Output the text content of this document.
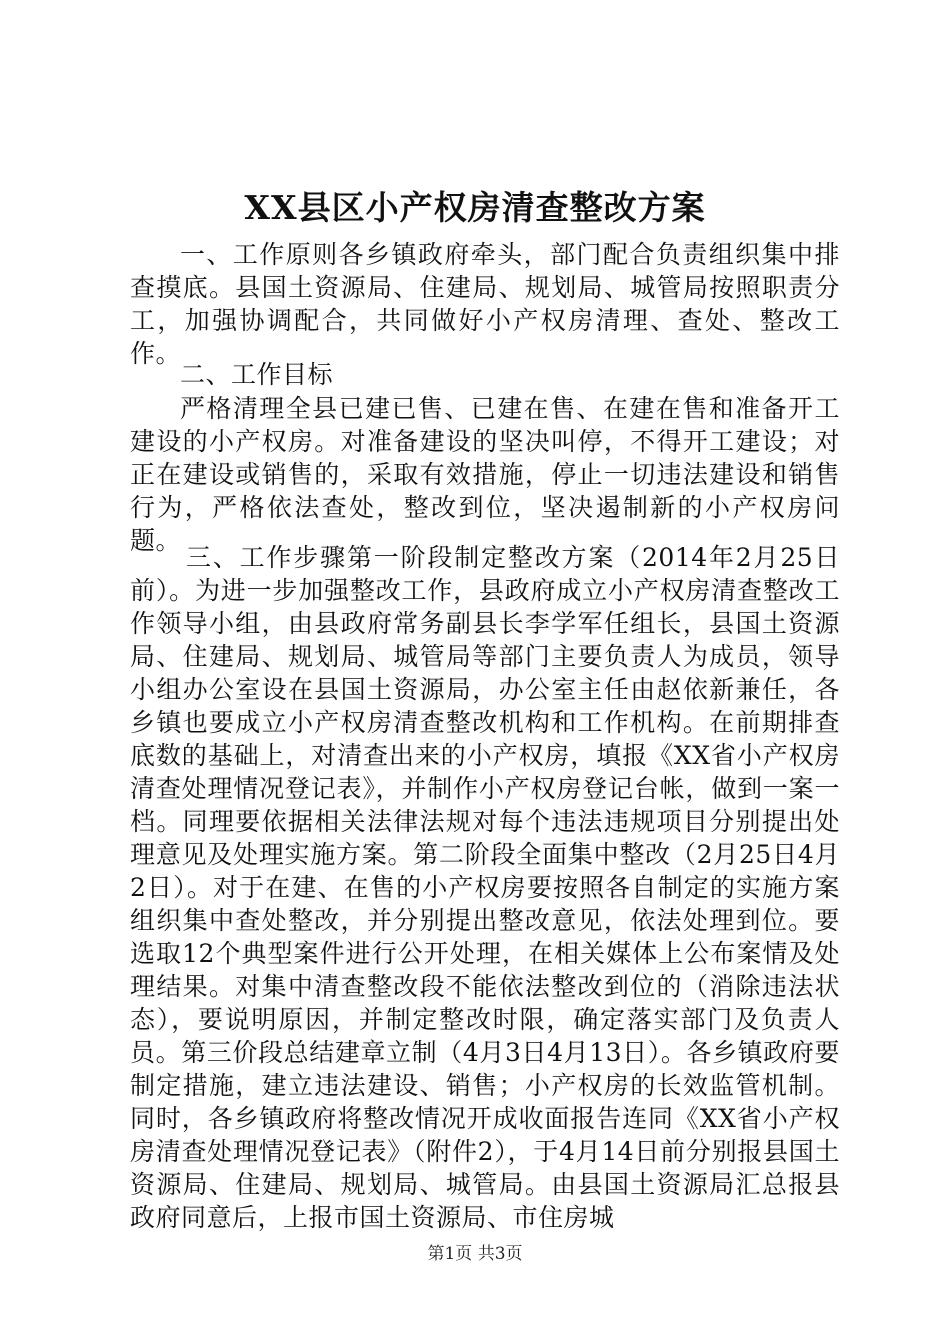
XX县区小产权房清查整改方案

一、工作原则各乡镇政府牵头，部门配合负责组织集中排查摸底。县国土资源局、住建局、规划局、城管局按照职责分工，加强协调配合，共同做好小产权房清理、查处、整改工作。

二、工作目标

严格清理全县已建已售、已建在售、在建在售和准备开工建设的小产权房。对准备建设的坚决叫停，不得开工建设；对正在建设或销售的，采取有效措施，停止一切违法建设和销售行为，严格依法查处，整改到位，坚决遏制新的小产权房问题。

三、工作步骤第一阶段制定整改方案（2014年2月25日前）。为进一步加强整改工作，县政府成立小产权房清查整改工作领导小组，由县政府常务副县长李学军任组长，县国土资源局、住建局、规划局、城管局等部门主要负责人为成员，领导小组办公室设在县国土资源局，办公室主任由赵依新兼任，各乡镇也要成立小产权房清查整改机构和工作机构。在前期排查底数的基础上，对清查出来的小产权房，填报《XX省小产权房清查处理情况登记表》，并制作小产权房登记台帐，做到一案一档。同理要依据相关法律法规对每个违法违规项目分别提出处理意见及处理实施方案。第二阶段全面集中整改（2月25日4月2日）。对于在建、在售的小产权房要按照各自制定的实施方案组织集中查处整改，并分别提出整改意见，依法处理到位。要选取12个典型案件进行公开处理，在相关媒体上公布案情及处理结果。对集中清查整改段不能依法整改到位的（消除违法状态），要说明原因，并制定整改时限，确定落实部门及负责人员。第三价段总结建章立制（4月3日4月13日）。各乡镇政府要制定措施，建立违法建设、销售；小产权房的长效监管机制。同时，各乡镇政府将整改情况开成收面报告连同《XX省小产权房清查处理情况登记表》（附件2），于4月14日前分别报县国土资源局、住建局、规划局、城管局。由县国土资源局汇总报县政府同意后，上报市国土资源局、市住房城

第1页 共3页
